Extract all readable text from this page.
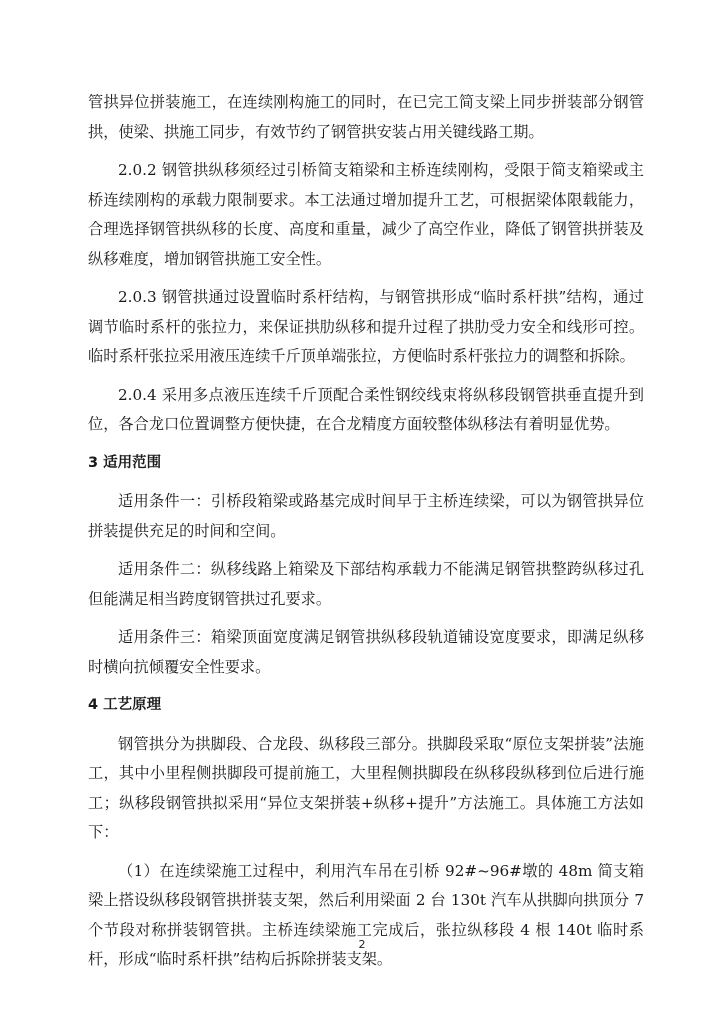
管拱异位拼装施工，在连续刚构施工的同时，在已完工简支梁上同步拼装部分钢管拱，使梁、拱施工同步，有效节约了钢管拱安装占用关键线路工期。

2.0.2 钢管拱纵移须经过引桥简支箱梁和主桥连续刚构，受限于简支箱梁或主桥连续刚构的承载力限制要求。本工法通过增加提升工艺，可根据梁体限载能力，合理选择钢管拱纵移的长度、高度和重量，减少了高空作业，降低了钢管拱拼装及纵移难度，增加钢管拱施工安全性。

2.0.3 钢管拱通过设置临时系杆结构，与钢管拱形成“临时系杆拱”结构，通过调节临时系杆的张拉力，来保证拱肋纵移和提升过程了拱肋受力安全和线形可控。临时系杆张拉采用液压连续千斤顶单端张拉，方便临时系杆张拉力的调整和拆除。

2.0.4 采用多点液压连续千斤顶配合柔性钢绞线束将纵移段钢管拱垂直提升到位，各合龙口位置调整方便快捷，在合龙精度方面较整体纵移法有着明显优势。

3 适用范围

适用条件一：引桥段箱梁或路基完成时间早于主桥连续梁，可以为钢管拱异位拼装提供充足的时间和空间。

适用条件二：纵移线路上箱梁及下部结构承载力不能满足钢管拱整跨纵移过孔但能满足相当跨度钢管拱过孔要求。

适用条件三：箱梁顶面宽度满足钢管拱纵移段轨道铺设宽度要求，即满足纵移时横向抗倾覆安全性要求。

4 工艺原理

钢管拱分为拱脚段、合龙段、纵移段三部分。拱脚段采取“原位支架拼装”法施工，其中小里程侧拱脚段可提前施工，大里程侧拱脚段在纵移段纵移到位后进行施工；纵移段钢管拱拟采用“异位支架拼装+纵移+提升”方法施工。具体施工方法如下：

（1）在连续梁施工过程中，利用汽车吊在引桥 92#~96#墩的 48m 简支箱梁上搭设纵移段钢管拱拼装支架，然后利用梁面 2 台 130t 汽车从拱脚向拱顶分 7 个节段对称拼装钢管拱。主桥连续梁施工完成后，张拉纵移段 4 根 140t 临时系杆，形成“临时系杆拱”结构后拆除拼装支架。

2
